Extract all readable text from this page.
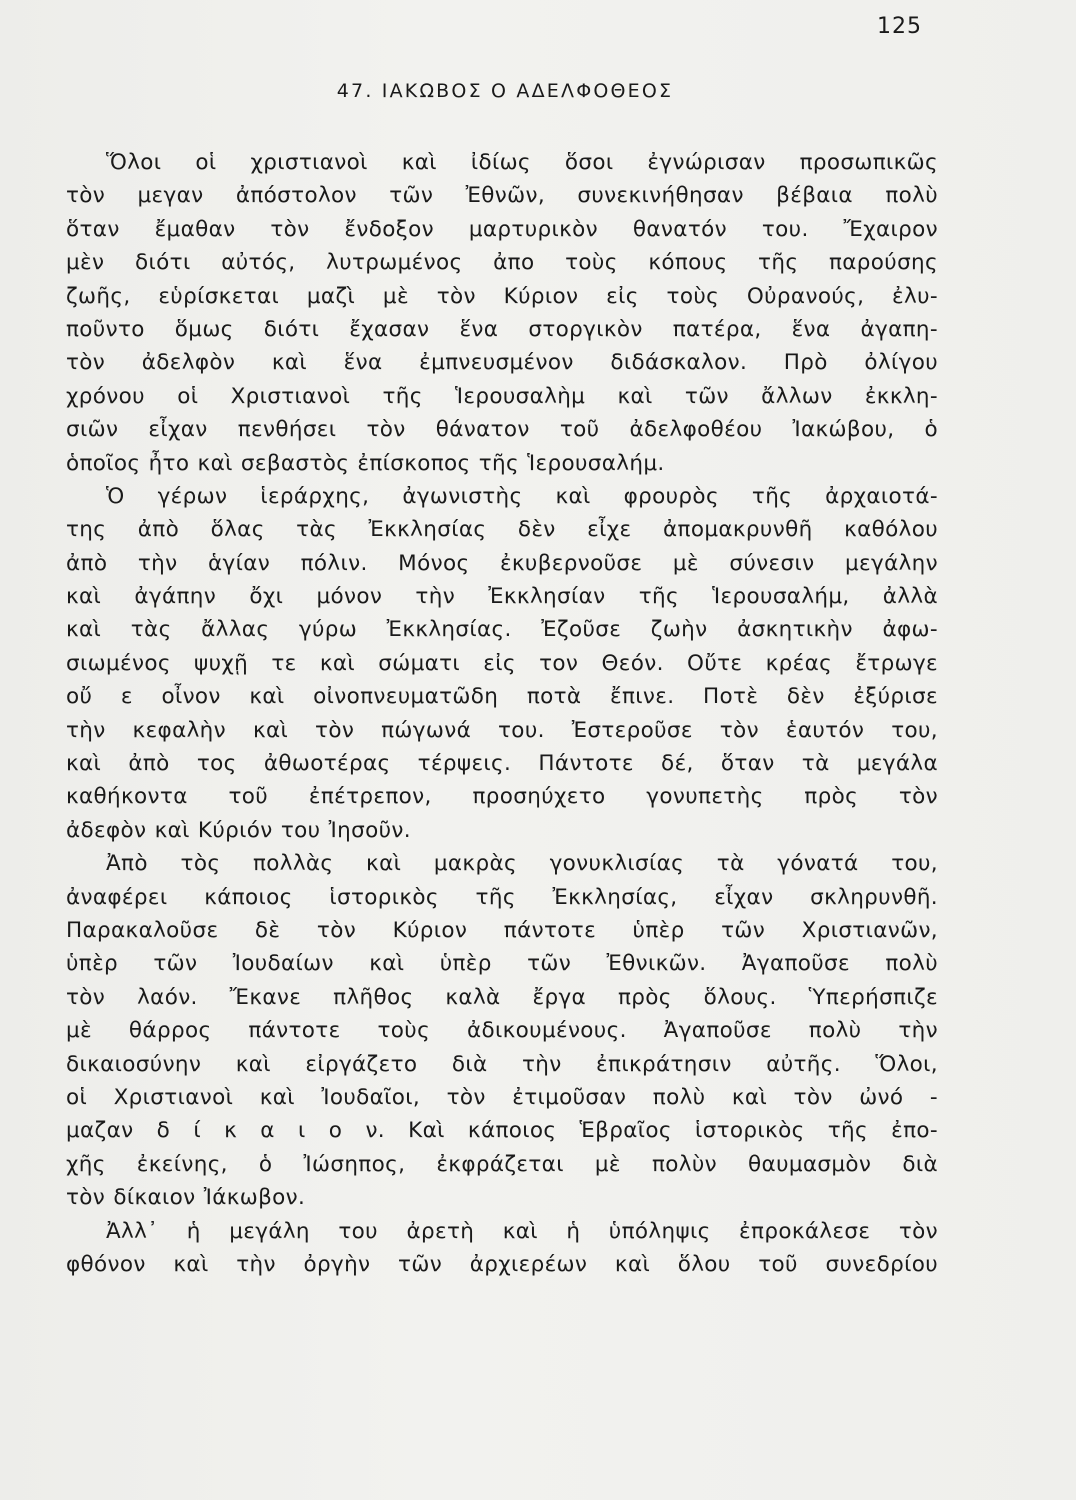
125
47. ΙΑΚΩΒΟΣ Ο ΑΔΕΛΦΟΘΕΟΣ
Ὅλοι οἱ χριστιανοὶ καὶ ἰδίως ὅσοι ἐγνώρισαν προσωπικῶς
τὸν μεγαν ἀπόστολον τῶν Ἐθνῶν, συνεκινήθησαν βέβαια πολὺ
ὅταν ἔμαθαν τὸν ἔνδοξον μαρτυρικὸν θανατόν του. Ἔχαιρον
μὲν διότι αὐτός, λυτρωμένος ἀπο τοὺς κόπους τῆς παρούσης
ζωῆς, εὑρίσκεται μαζὶ μὲ τὸν Κύριον εἰς τοὺς Οὐρανούς, ἐλυ-
ποῦντο ὅμως διότι ἔχασαν ἕνα στοργικὸν πατέρα, ἕνα ἀγαπη-
τὸν ἀδελφὸν καὶ ἕνα ἐμπνευσμένον διδάσκαλον. Πρὸ ὀλίγου
χρόνου οἱ Χριστιανοὶ τῆς Ἱερουσαλὴμ καὶ τῶν ἄλλων ἐκκλη-
σιῶν εἶχαν πενθήσει τὸν θάνατον τοῦ ἀδελφοθέου Ἰακώβου, ὁ
ὁποῖος ἦτο καὶ σεβαστὸς ἐπίσκοπος τῆς Ἱερουσαλήμ.
Ὁ γέρων ἱεράρχης, ἀγωνιστὴς καὶ φρουρὸς τῆς ἀρχαιοτά-
της ἀπὸ ὅλας τὰς Ἐκκλησίας δὲν εἶχε ἀπομακρυνθῆ καθόλου
ἀπὸ τὴν ἁγίαν πόλιν. Μόνος ἐκυβερνοῦσε μὲ σύνεσιν μεγάλην
καὶ ἀγάπην ὄχι μόνον τὴν Ἐκκλησίαν τῆς Ἱερουσαλήμ, ἀλλὰ
καὶ τὰς ἄλλας γύρω Ἐκκλησίας. Ἐζοῦσε ζωὴν ἀσκητικὴν ἀφω-
σιωμένος ψυχῇ τε καὶ σώματι εἰς τον Θεόν. Οὔτε κρέας ἔτρωγε
οὔ ε οἶνον καὶ οἰνοπνευματῶδη ποτὰ ἔπινε. Ποτὲ δὲν ἐξύρισε
τὴν κεφαλὴν καὶ τὸν πώγωνά του. Ἐστεροῦσε τὸν ἑαυτόν του,
καὶ ἀπὸ τος ἀθωοτέρας τέρψεις. Πάντοτε δέ, ὅταν τὰ μεγάλα
καθήκοντα τοῦ ἐπέτρεπον, προσηύχετο γονυπετὴς πρὸς τὸν
ἀδεφὸν καὶ Κύριόν του Ἰησοῦν.
Ἀπὸ τὸς πολλὰς καὶ μακρὰς γονυκλισίας τὰ γόνατά του,
ἀναφέρει κάποιος ἱστορικὸς τῆς Ἐκκλησίας, εἶχαν σκληρυνθῆ.
Παρακαλοῦσε δὲ τὸν Κύριον πάντοτε ὑπὲρ τῶν Χριστιανῶν,
ὑπὲρ τῶν Ἰουδαίων καὶ ὑπὲρ τῶν Ἐθνικῶν. Ἀγαποῦσε πολὺ
τὸν λαόν. Ἔκανε πλῆθος καλὰ ἔργα πρὸς ὅλους. Ὑπερήσπιζε
μὲ θάρρος πάντοτε τοὺς ἀδικουμένους. Ἀγαποῦσε πολὺ τὴν
δικαιοσύνην καὶ εἰργάζετο διὰ τὴν ἐπικράτησιν αὐτῆς. Ὅλοι,
οἱ Χριστιανοὶ καὶ Ἰουδαῖοι, τὸν ἐτιμοῦσαν πολὺ καὶ τὸν ὠνό -
μαζαν δ ί κ α ι ο ν. Καὶ κάποιος Ἑβραῖος ἱστορικὸς τῆς ἐπο-
χῆς ἐκείνης, ὁ Ἰώσηπος, ἐκφράζεται μὲ πολὺν θαυμασμὸν διὰ
τὸν δίκαιον Ἰάκωβον.
Ἀλλ᾽ ἡ μεγάλη του ἀρετὴ καὶ ἡ ὑπόληψις ἐπροκάλεσε τὸν
φθόνον καὶ τὴν ὀργὴν τῶν ἀρχιερέων καὶ ὅλου τοῦ συνεδρίου
